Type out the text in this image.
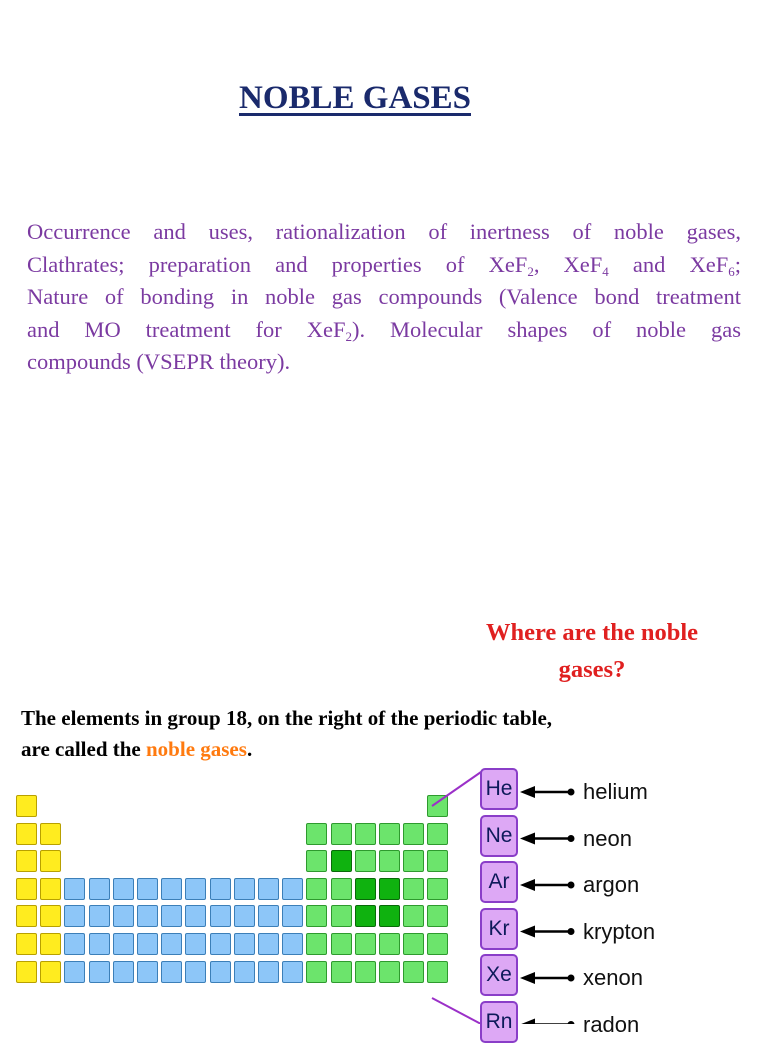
NOBLE GASES
Occurrence and uses, rationalization of inertness of noble gases,
Clathrates; preparation and properties of XeF$_2$, XeF$_4$ and XeF$_6$;
Nature of bonding in noble gas compounds (Valence bond treatment
and MO treatment for XeF$_2$). Molecular shapes of noble gas
compounds (VSEPR theory).
Where are the noble
gases?
The elements in group 18, on the right of the periodic table,
are called the noble gases.
He	helium
Ne	neon
Ar	argon
Kr	krypton
Xe	xenon
Rn	radon
